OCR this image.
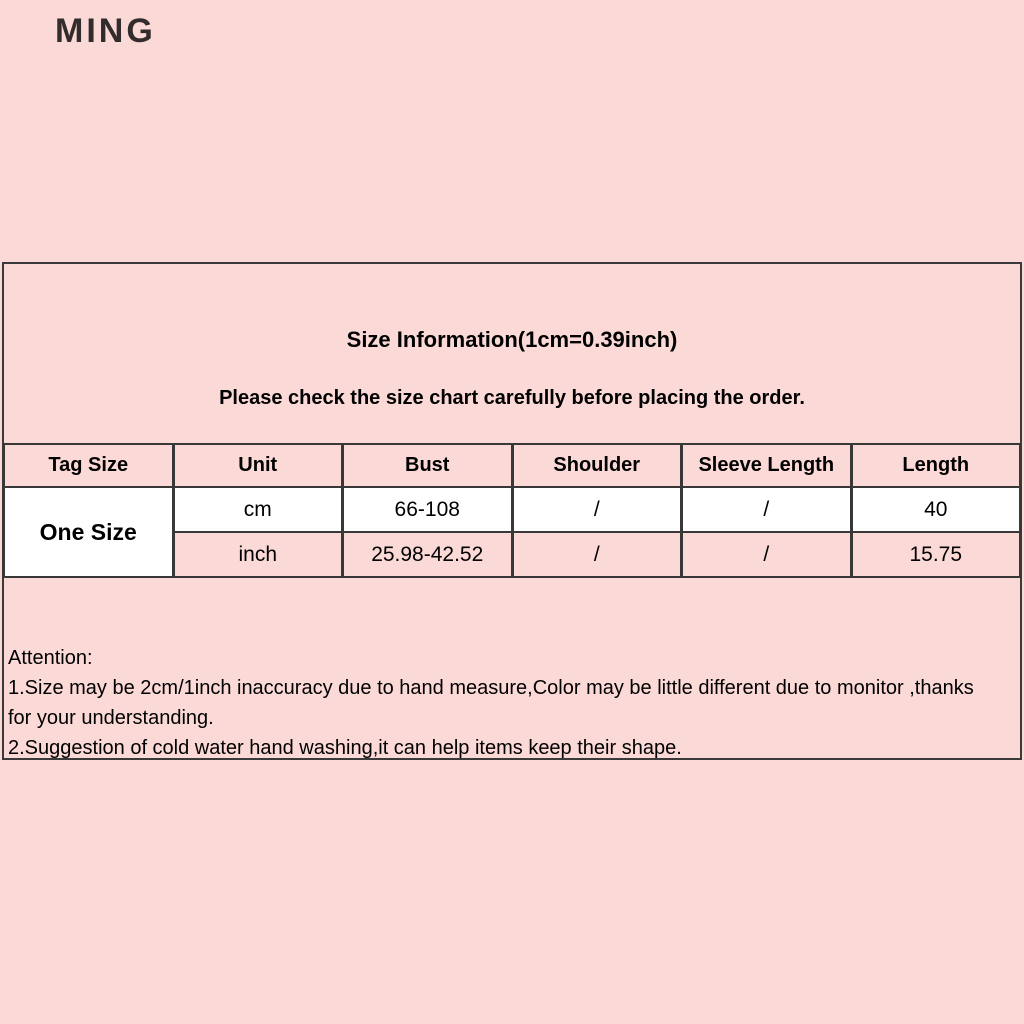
MING
Size Information(1cm=0.39inch)
Please check the size chart carefully before placing the order.
Tag Size	Unit	Bust	Shoulder	Sleeve Length	Length
One Size	cm	66-108	/	/	40
	inch	25.98-42.52	/	/	15.75
Attention:
1.Size may be 2cm/1inch inaccuracy due to hand measure,Color may be little different due to monitor ,thanks for your understanding.
2.Suggestion of cold water hand washing,it can help items keep their shape.
